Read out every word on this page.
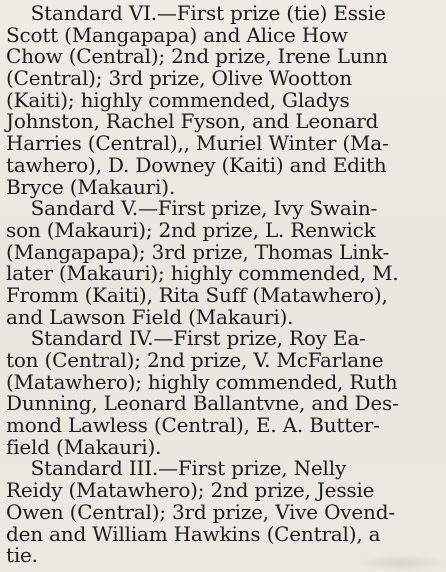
Standard VI.—First prize (tie) Essie
Scott (Mangapapa) and Alice How
Chow (Central); 2nd prize, Irene Lunn
(Central); 3rd prize, Olive Wootton
(Kaiti); highly commended, Gladys
Johnston, Rachel Fyson, and Leonard
Harries (Central),, Muriel Winter (Ma-
tawhero), D. Downey (Kaiti) and Edith
Bryce (Makauri).
Sandard V.—First prize, Ivy Swain-
son (Makauri); 2nd prize, L. Renwick
(Mangapapa); 3rd prize, Thomas Link-
later (Makauri); highly commended, M.
Fromm (Kaiti), Rita Suff (Matawhero),
and Lawson Field (Makauri).
Standard IV.—First prize, Roy Ea-
ton (Central); 2nd prize, V. McFarlane
(Matawhero); highly commended, Ruth
Dunning, Leonard Ballantvne, and Des-
mond Lawless (Central), E. A. Butter-
field (Makauri).
Standard III.—First prize, Nelly
Reidy (Matawhero); 2nd prize, Jessie
Owen (Central); 3rd prize, Vive Ovend-
den and William Hawkins (Central), a
tie.
